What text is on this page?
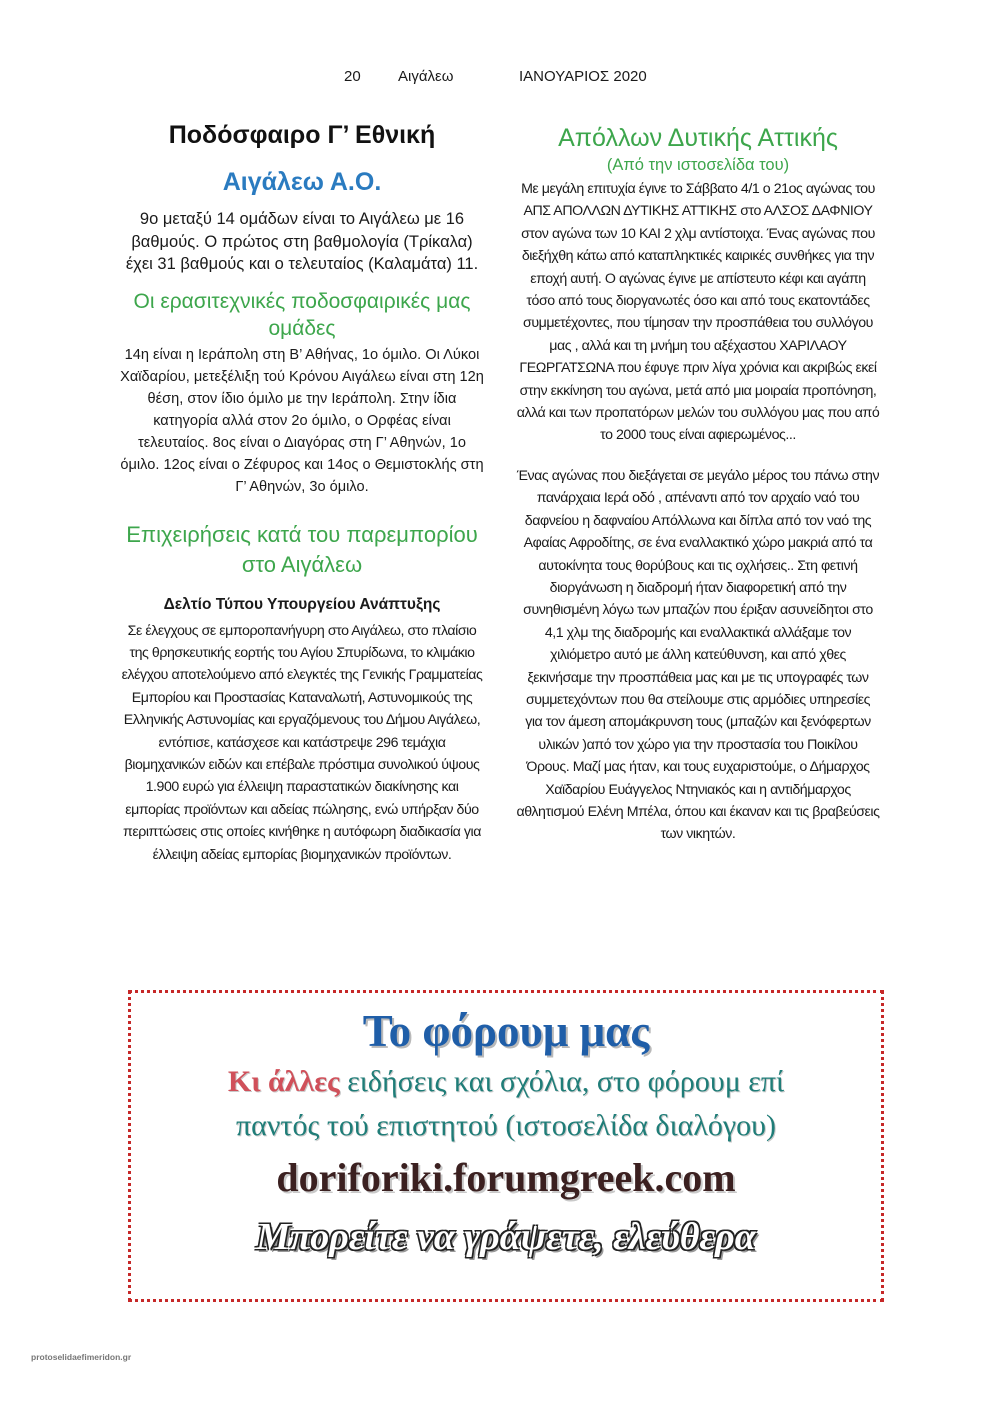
20 Αιγάλεω	ΙΑΝΟΥΑΡΙΟΣ 2020
Ποδόσφαιρο Γ’ Εθνική
Αιγάλεω Α.Ο.

9ο μεταξύ 14 ομάδων είναι το Αιγάλεω με 16 βαθμούς. Ο πρώτος στη βαθμολογία (Τρίκαλα) έχει 31 βαθμούς και ο τελευταίος (Καλαμάτα) 11.

Οι ερασιτεχνικές ποδοσφαιρικές μας ομάδες

14η είναι η Ιεράπολη στη Β’ Αθήνας, 1ο όμιλο. Οι Λύκοι Χαϊδαρίου, μετεξέλιξη τού Κρόνου Αιγάλεω είναι στη 12η θέση, στον ίδιο όμιλο με την Ιεράπολη. Στην ίδια κατηγορία αλλά στον 2ο όμιλο, ο Ορφέας είναι τελευταίος. 8ος είναι ο Διαγόρας στη Γ’ Αθηνών, 1ο όμιλο. 12ος είναι ο Ζέφυρος και 14ος ο Θεμιστοκλής στη Γ’ Αθηνών, 3ο όμιλο.

Επιχειρήσεις κατά του παρεμπορίου στο Αιγάλεω
Δελτίο Τύπου Υπουργείου Ανάπτυξης

Σε έλεγχους σε εμποροπανήγυρη στο Αιγάλεω, στο πλαίσιο της θρησκευτικής εορτής του Αγίου Σπυρίδωνα, το κλιμάκιο ελέγχου αποτελούμενο από ελεγκτές της Γενικής Γραμματείας Εμπορίου και Προστασίας Καταναλωτή, Αστυνομικούς της Ελληνικής Αστυνομίας και εργαζόμενους του Δήμου Αιγάλεω, εντόπισε, κατάσχεσε και κατάστρεψε 296 τεμάχια βιομηχανικών ειδών και επέβαλε πρόστιμα συνολικού ύψους 1.900 ευρώ για έλλειψη παραστατικών διακίνησης και εμπορίας προϊόντων και αδείας πώλησης, ενώ υπήρξαν δύο περιπτώσεις στις οποίες κινήθηκε η αυτόφωρη διαδικασία για έλλειψη αδείας εμπορίας βιομηχανικών προϊόντων.

Απόλλων Δυτικής Αττικής
(Από την ιστοσελίδα του)

Με μεγάλη επιτυχία έγινε το Σάββατο 4/1 ο 21ος αγώνας του ΑΠΣ ΑΠΟΛΛΩΝ ΔΥΤΙΚΗΣ ΑΤΤΙΚΗΣ στο ΑΛΣΟΣ ΔΑΦΝΙΟΥ στον αγώνα των 10 ΚΑΙ 2 χλμ αντίστοιχα. Ένας αγώνας που διεξήχθη κάτω από καταπληκτικές καιρικές συνθήκες για την εποχή αυτή. Ο αγώνας έγινε με απίστευτο κέφι και αγάπη τόσο από τους διοργανωτές όσο και από τους εκατοντάδες συμμετέχοντες, που τίμησαν την προσπάθεια του συλλόγου μας , αλλά και τη μνήμη του αξέχαστου ΧΑΡΙΛΑΟΥ ΓΕΩΡΓΑΤΣΩΝΑ που έφυγε πριν λίγα χρόνια και ακριβώς εκεί στην εκκίνηση του αγώνα, μετά από μια μοιραία προπόνηση, αλλά και των προπατόρων μελών του συλλόγου μας που από το 2000 τους είναι αφιερωμένος...

Ένας αγώνας που διεξάγεται σε μεγάλο μέρος του πάνω στην πανάρχαια Ιερά οδό , απέναντι από τον αρχαίο ναό του δαφνείου η δαφναίου Απόλλωνα και δίπλα από τον ναό της Αφαίας Αφροδίτης, σε ένα εναλλακτικό χώρο μακριά από τα αυτοκίνητα τους θορύβους και τις οχλήσεις.. Στη φετινή διοργάνωση η διαδρομή ήταν διαφορετική από την συνηθισμένη λόγω των μπαζών που έριξαν ασυνείδητοι στο 4,1 χλμ της διαδρομής και εναλλακτικά αλλάξαμε τον χιλιόμετρο αυτό με άλλη κατεύθυνση, και από χθες ξεκινήσαμε την προσπάθεια μας και με τις υπογραφές των συμμετεχόντων που θα στείλουμε στις αρμόδιες υπηρεσίες για τον άμεση απομάκρυνση τους (μπαζών και ξενόφερτων υλικών )από τον χώρο για την προστασία του Ποικίλου Όρους. Μαζί μας ήταν, και τους ευχαριστούμε, ο Δήμαρχος Χαϊδαρίου Ευάγγελος Ντηνιακός και η αντιδήμαρχος αθλητισμού Ελένη Μπέλα, όπου και έκαναν και τις βραβεύσεις των νικητών.

Το φόρουμ μας
Κι άλλες ειδήσεις και σχόλια, στο φόρουμ επί
παντός τού επιστητού (ιστοσελίδα διαλόγου)
doriforiki.forumgreek.com
Μπορείτε να γράψετε, ελεύθερα
protoselidaefimeridon.gr
